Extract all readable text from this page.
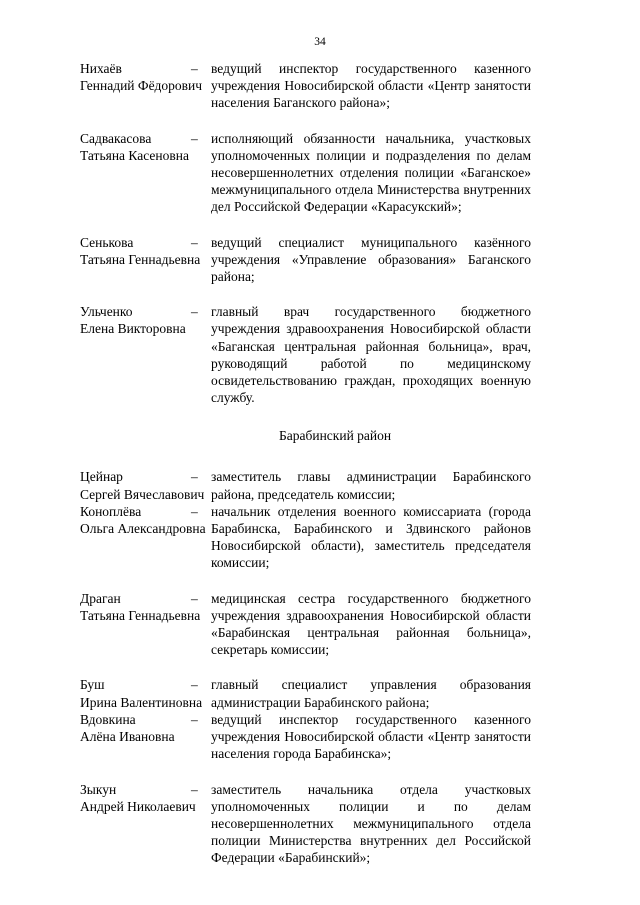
34
Нихаёв
Геннадий Фёдорович
– ведущий инспектор государственного казенного учреждения Новосибирской области «Центр занятости населения Баганского района»;
Садвакасова
Татьяна Касеновна
– исполняющий обязанности начальника, участковых уполномоченных полиции и подразделения по делам несовершеннолетних отделения полиции «Баганское» межмуниципального отдела Министерства внутренних дел Российской Федерации «Карасукский»;
Сенькова
Татьяна Геннадьевна
– ведущий специалист муниципального казённого учреждения «Управление образования» Баганского района;
Ульченко
Елена Викторовна
– главный врач государственного бюджетного учреждения здравоохранения Новосибирской области «Баганская центральная районная больница», врач, руководящий работой по медицинскому освидетельствованию граждан, проходящих военную службу.
Барабинский район
Цейнар
Сергей Вячеславович
– заместитель главы администрации Барабинского района, председатель комиссии;
Коноплёва
Ольга Александровна
– начальник отделения военного комиссариата (города Барабинска, Барабинского и Здвинского районов Новосибирской области), заместитель председателя комиссии;
Драган
Татьяна Геннадьевна
– медицинская сестра государственного бюджетного учреждения здравоохранения Новосибирской области «Барабинская центральная районная больница», секретарь комиссии;
Буш
Ирина Валентиновна
– главный специалист управления образования администрации Барабинского района;
Вдовкина
Алёна Ивановна
– ведущий инспектор государственного казенного учреждения Новосибирской области «Центр занятости населения города Барабинска»;
Зыкун
Андрей Николаевич
– заместитель начальника отдела участковых уполномоченных полиции и по делам несовершеннолетних межмуниципального отдела полиции Министерства внутренних дел Российской Федерации «Барабинский»;
